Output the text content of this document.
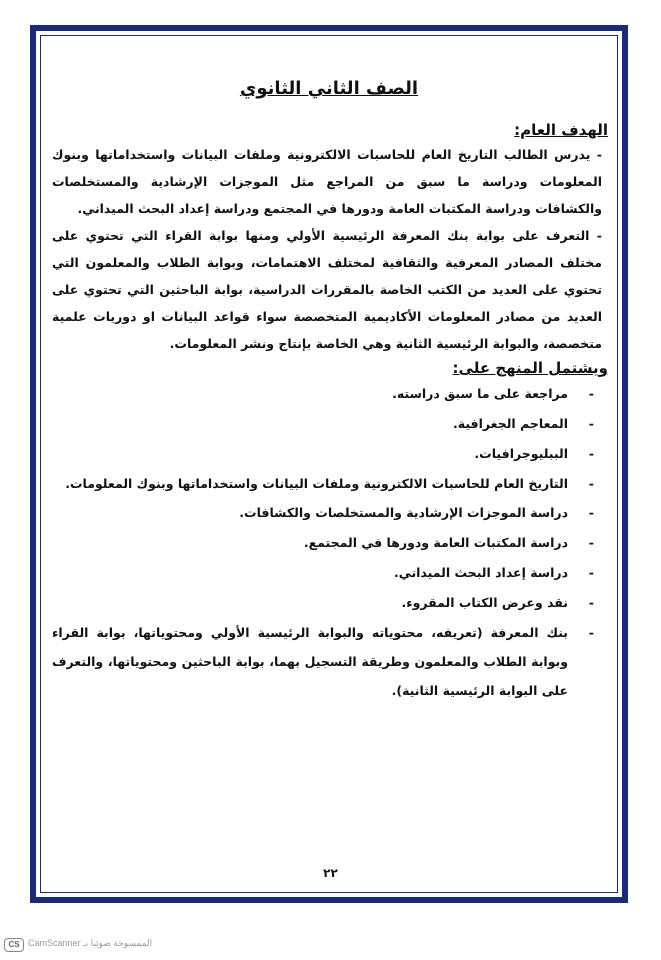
الصف الثاني الثانوي
الهدف العام:

- يدرس الطالب التاريخ العام للحاسبات الالكترونية وملفات البيانات واستخداماتها وبنوك المعلومات ودراسة ما سبق من المراجع مثل الموجزات الإرشادية والمستخلصات والكشافات ودراسة المكتبات العامة ودورها في المجتمع ودراسة إعداد البحث الميداني.

- التعرف على بوابة بنك المعرفة الرئيسية الأولي ومنها بوابة القراء التي تحتوي على مختلف المصادر المعرفية والثقافية لمختلف الاهتمامات، وبوابة الطلاب والمعلمون التي تحتوي على العديد من الكتب الخاصة بالمقررات الدراسية، بوابة الباحثين التي تحتوي على العديد من مصادر المعلومات الأكاديمية المتخصصة سواء قواعد البيانات او دوريات علمية متخصصة، والبوابة الرئيسية الثانية وهي الخاصة بإنتاج ونشر المعلومات.

ويشتمل المنهج على:
-
مراجعة على ما سبق دراسته.
-
المعاجم الجغرافية.
-
الببليوجرافيات.
-
التاريخ العام للحاسبات الالكترونية وملفات البيانات واستخداماتها وبنوك المعلومات.
-
دراسة الموجزات الإرشادية والمستخلصات والكشافات.
-
دراسة المكتبات العامة ودورها في المجتمع.
-
دراسة إعداد البحث الميداني.
-
نقد وعرض الكتاب المقروء.
-
بنك المعرفة (تعريفه، محتوياته والبوابة الرئيسية الأولي ومحتوياتها، بوابة القراء وبوابة الطلاب والمعلمون وطريقة التسجيل بهما، بوابة الباحثين ومحتوياتها، والتعرف على البوابة الرئيسية الثانية).
٢٢
CS CamScanner الممسوحة ضوئيا بـ
